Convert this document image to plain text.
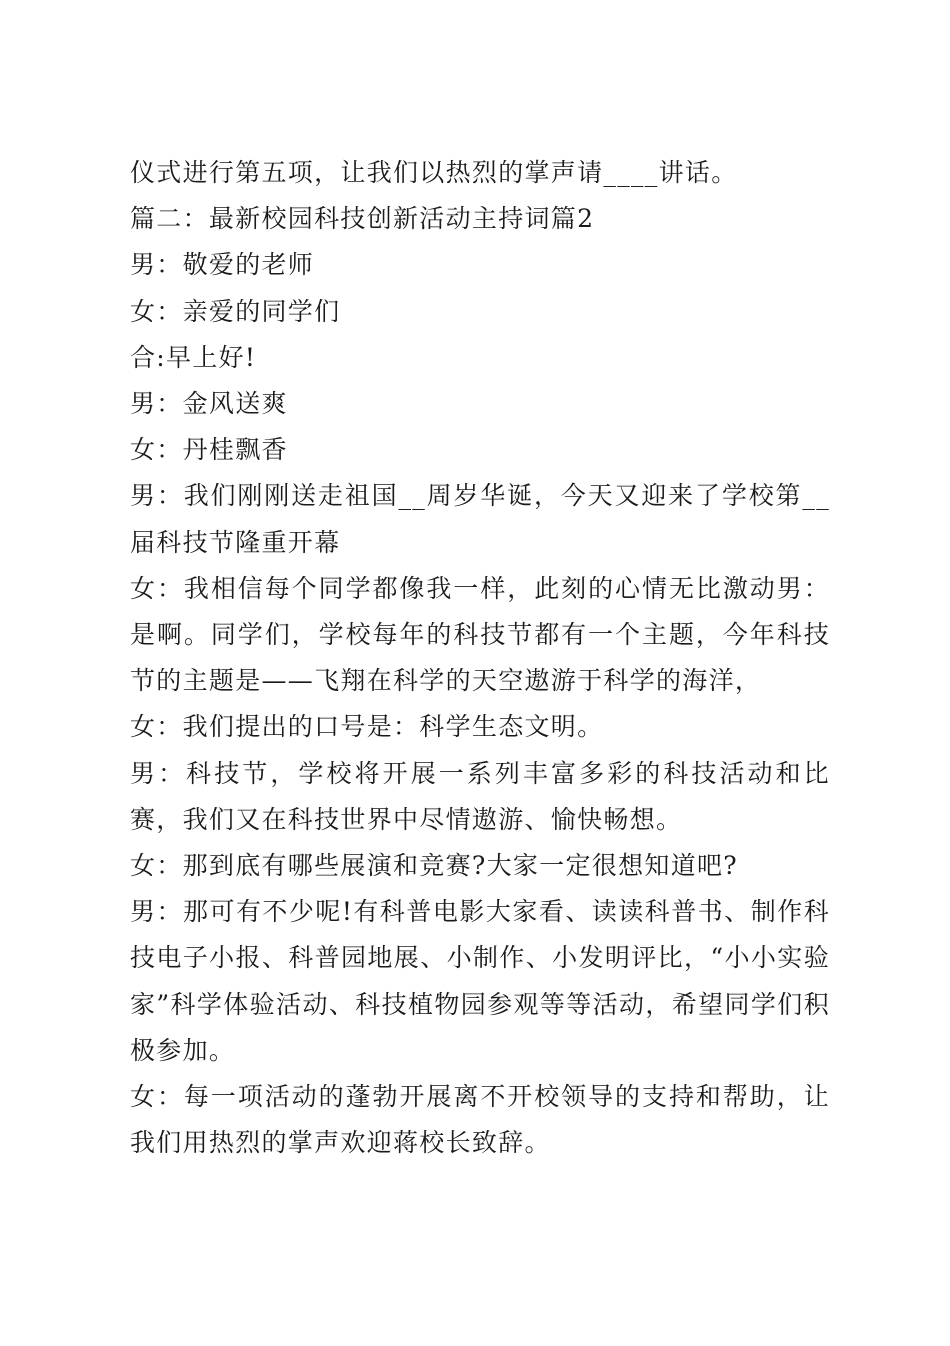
仪式进行第五项，让我们以热烈的掌声请____讲话。

篇二：最新校园科技创新活动主持词篇2

男：敬爱的老师

女：亲爱的同学们

合:早上好!

男：金风送爽

女：丹桂飘香

男：我们刚刚送走祖国__周岁华诞，今天又迎来了学校第__届科技节隆重开幕

女：我相信每个同学都像我一样，此刻的心情无比激动男：是啊。同学们，学校每年的科技节都有一个主题，今年科技节的主题是——飞翔在科学的天空遨游于科学的海洋，

女：我们提出的口号是：科学生态文明。

男：科技节，学校将开展一系列丰富多彩的科技活动和比赛，我们又在科技世界中尽情遨游、愉快畅想。

女：那到底有哪些展演和竞赛?大家一定很想知道吧?

男：那可有不少呢!有科普电影大家看、读读科普书、制作科技电子小报、科普园地展、小制作、小发明评比，“小小实验家”科学体验活动、科技植物园参观等等活动，希望同学们积极参加。

女：每一项活动的蓬勃开展离不开校领导的支持和帮助，让我们用热烈的掌声欢迎蒋校长致辞。
